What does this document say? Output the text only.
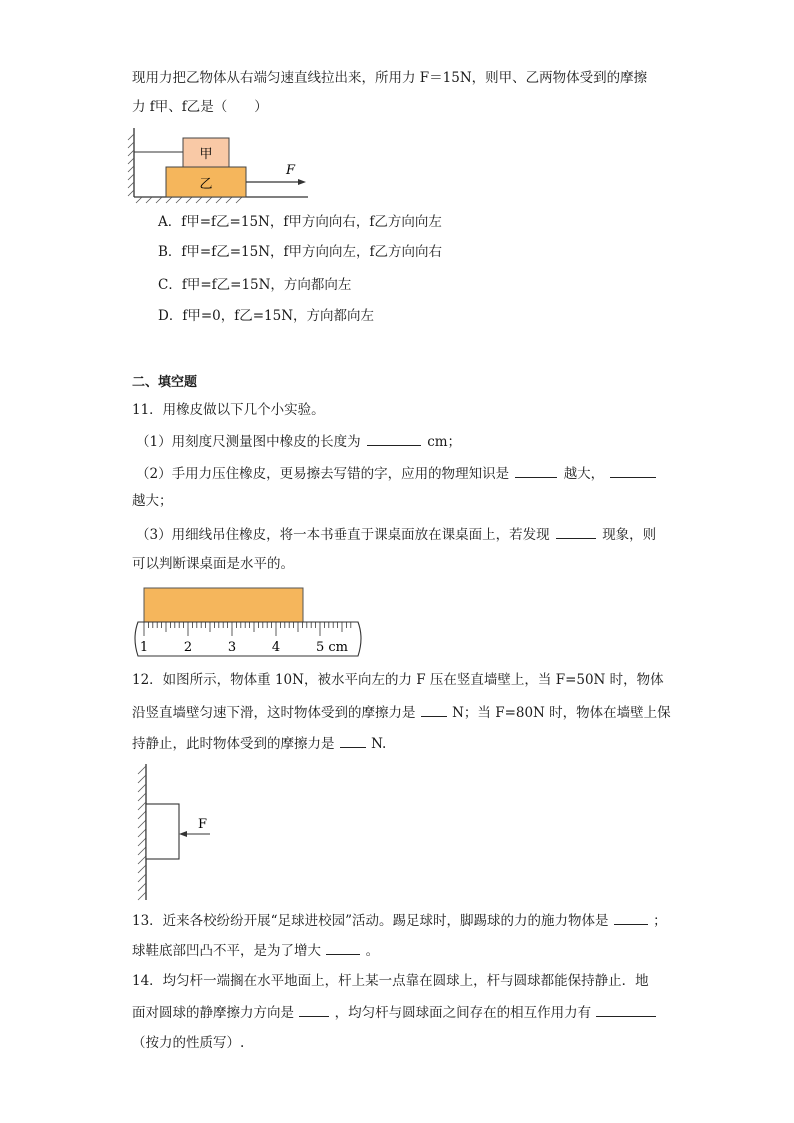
现用力把乙物体从右端匀速直线拉出来，所用力 F＝15N，则甲、乙两物体受到的摩擦
力 f甲、f乙是（　　）
甲
乙
F
A．f甲=f乙=15N，f甲方向向右，f乙方向向左
B．f甲=f乙=15N，f甲方向向左，f乙方向向右
C．f甲=f乙=15N，方向都向左
D．f甲=0，f乙=15N，方向都向左
二、填空题
11．用橡皮做以下几个小实验。
（1）用刻度尺测量图中橡皮的长度为	cm；
（2）手用力压住橡皮，更易擦去写错的字，应用的物理知识是	越大，
越大；
（3）用细线吊住橡皮，将一本书垂直于课桌面放在课桌面上，若发现	现象，则
可以判断课桌面是水平的。
1	2	3	4	5 cm
12．如图所示，物体重 10N，被水平向左的力 F 压在竖直墙壁上，当 F=50N 时，物体
沿竖直墙壁匀速下滑，这时物体受到的摩擦力是	N；当 F=80N 时，物体在墙壁上保
持静止，此时物体受到的摩擦力是	N.
F
13．近来各校纷纷开展“足球进校园”活动。踢足球时，脚踢球的力的施力物体是	；
球鞋底部凹凸不平，是为了增大	。
14．均匀杆一端搁在水平地面上，杆上某一点靠在圆球上，杆与圆球都能保持静止．地
面对圆球的静摩擦力方向是	，均匀杆与圆球面之间存在的相互作用力有
（按力的性质写）.
